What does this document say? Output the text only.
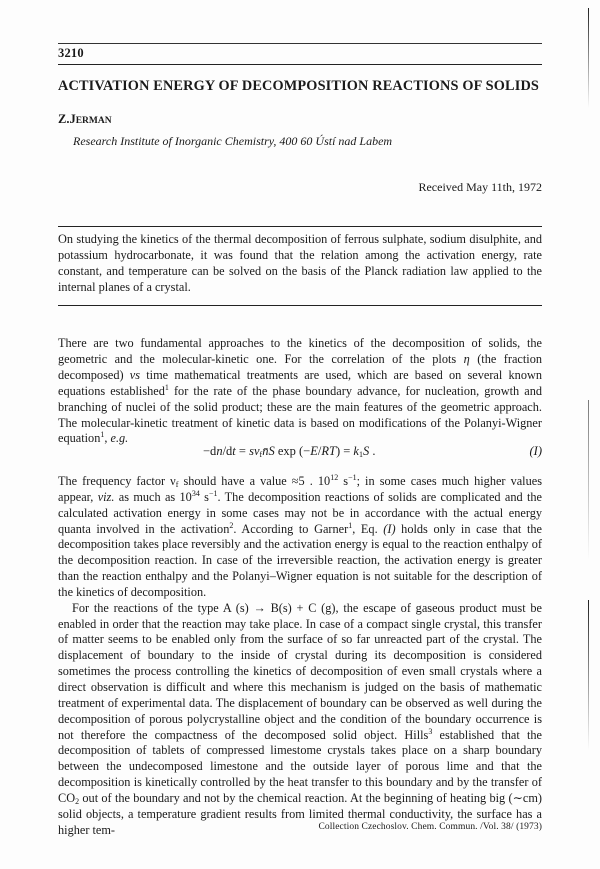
3210
ACTIVATION ENERGY OF DECOMPOSITION REACTIONS OF SOLIDS
Z.JERMAN
Research Institute of Inorganic Chemistry, 400 60 Ústí nad Labem
Received May 11th, 1972
On studying the kinetics of the thermal decomposition of ferrous sulphate, sodium disulphite, and potassium hydrocarbonate, it was found that the relation among the activation energy, rate constant, and temperature can be solved on the basis of the Planck radiation law applied to the internal planes of a crystal.

There are two fundamental approaches to the kinetics of the decomposition of solids, the geometric and the molecular-kinetic one. For the correlation of the plots η (the fraction decomposed) vs time mathematical treatments are used, which are based on several known equations established$^1$ for the rate of the phase boundary advance, for nucleation, growth and branching of nuclei of the solid product; these are the main features of the geometric approach. The molecular-kinetic treatment of kinetic data is based on modifications of the Polanyi-Wigner equation$^1$, e.g.

$-dn/dt = s\nu_fn̄S$ $\exp (-E/RT) = k_1S$ .	(I)

The frequency factor $\nu_f$ should have a value ≈5 . $10^{12}$ $s^{-1}$; in some cases much higher values appear, viz. as much as $10^{34}$ $s^{-1}$. The decomposition reactions of solids are complicated and the calculated activation energy in some cases may not be in accordance with the actual energy quanta involved in the activation$^2$. According to Garner$^1$, Eq. (I) holds only in case that the decomposition takes place reversibly and the activation energy is equal to the reaction enthalpy of the decomposition reaction. In case of the irreversible reaction, the activation energy is greater than the reaction enthalpy and the Polanyi–Wigner equation is not suitable for the description of the kinetics of decomposition.

For the reactions of the type A (s) → B(s) + C (g), the escape of gaseous product must be enabled in order that the reaction may take place. In case of a compact single crystal, this transfer of matter seems to be enabled only from the surface of so far unreacted part of the crystal. The displacement of boundary to the inside of crystal during its decomposition is considered sometimes the process controlling the kinetics of decomposition of even small crystals where a direct observation is difficult and where this mechanism is judged on the basis of mathematic treatment of experimental data. The displacement of boundary can be observed as well during the decomposition of porous polycrystalline object and the condition of the boundary occurrence is not therefore the compactness of the decomposed solid object. Hills$^3$ established that the decomposition of tablets of compressed limestome crystals takes place on a sharp boundary between the undecomposed limestone and the outside layer of porous lime and that the decomposition is kinetically controlled by the heat transfer to this boundary and by the transfer of $CO_2$ out of the boundary and not by the chemical reaction. At the beginning of heating big (∼cm) solid objects, a temperature gradient results from limited thermal conductivity, the surface has a higher tem-	Collection Czechoslov. Chem. Commun. /Vol. 38/ (1973)
